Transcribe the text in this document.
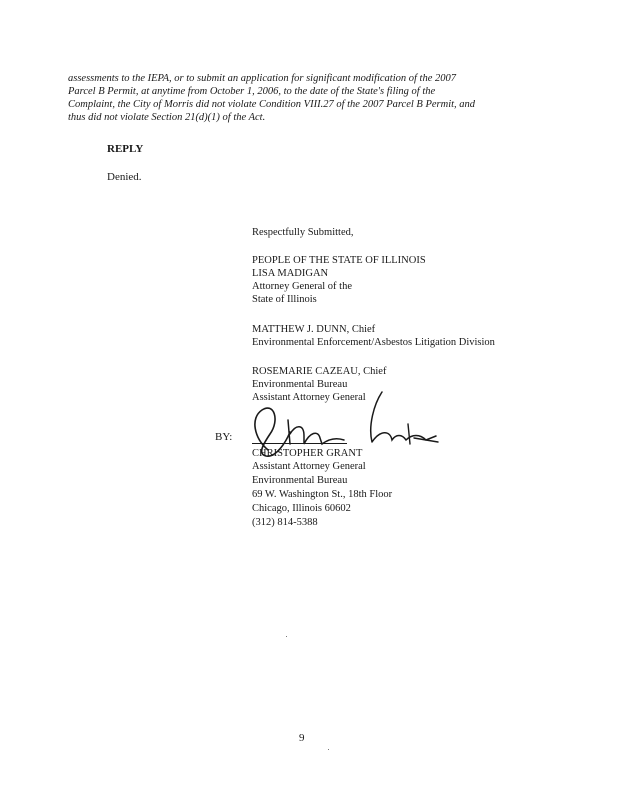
assessments to the IEPA, or to submit an application for significant modification of the 2007
Parcel B Permit, at anytime from October 1, 2006, to the date of the State's filing of the
Complaint, the City of Morris did not violate Condition VIII.27 of the 2007 Parcel B Permit, and
thus did not violate Section 21(d)(1) of the Act.
REPLY
Denied.
Respectfully Submitted,
PEOPLE OF THE STATE OF ILLINOIS
LISA MADIGAN
Attorney General of the
State of Illinois
MATTHEW J. DUNN, Chief
Environmental Enforcement/Asbestos Litigation Division
ROSEMARIE CAZEAU, Chief
Environmental Bureau
Assistant Attorney General
BY:
CHRISTOPHER GRANT
Assistant Attorney General
Environmental Bureau
69 W. Washington St., 18th Floor
Chicago, Illinois 60602
(312) 814-5388
9
